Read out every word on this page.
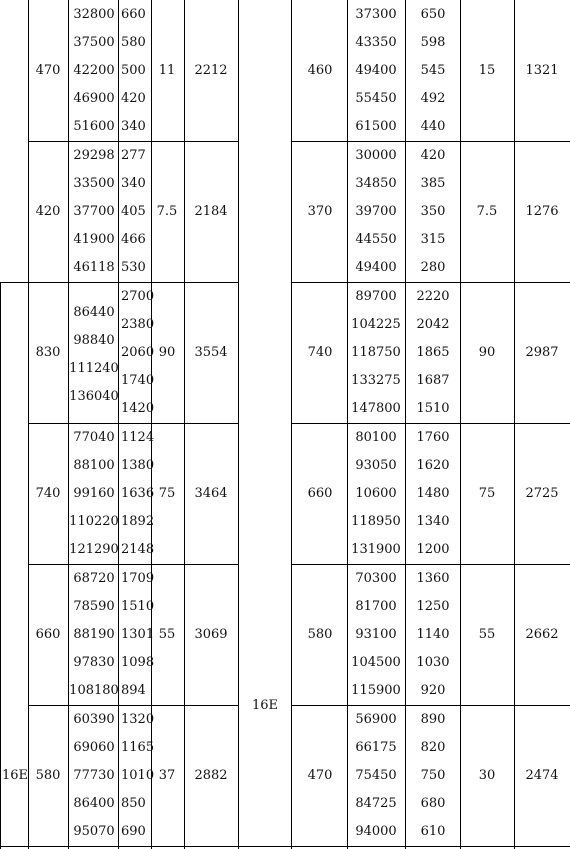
16E
16E
470
32800
37500
42200
46900
51600
660
580
500
420
340
11 2212
420
29298
33500
37700
41900
46118
277
340
405
466
530
7.5 2184
830
86440
98840
111240
136040
2700
2380
2060
1740
1420
90 3554
740
77040
88100
99160
110220
121290
1124
1380
1636
1892
2148
75 3464
660
68720
78590
88190
97830
108180
1709
1510
1301
1098
894
55 3069
580
60390
69060
77730
86400
95070
1320
1165
1010
850
690
37 2882
460
37300
43350
49400
55450
61500
650
598
545
492
440
15 1321
370
30000
34850
39700
44550
49400
420
385
350
315
280
7.5 1276
740
89700
104225
118750
133275
147800
2220
2042
1865
1687
1510
90 2987
660
80100
93050
10600
118950
131900
1760
1620
1480
1340
1200
75 2725
580
70300
81700
93100
104500
115900
1360
1250
1140
1030
920
55 2662
470
56900
66175
75450
84725
94000
890
820
750
680
610
30 2474
